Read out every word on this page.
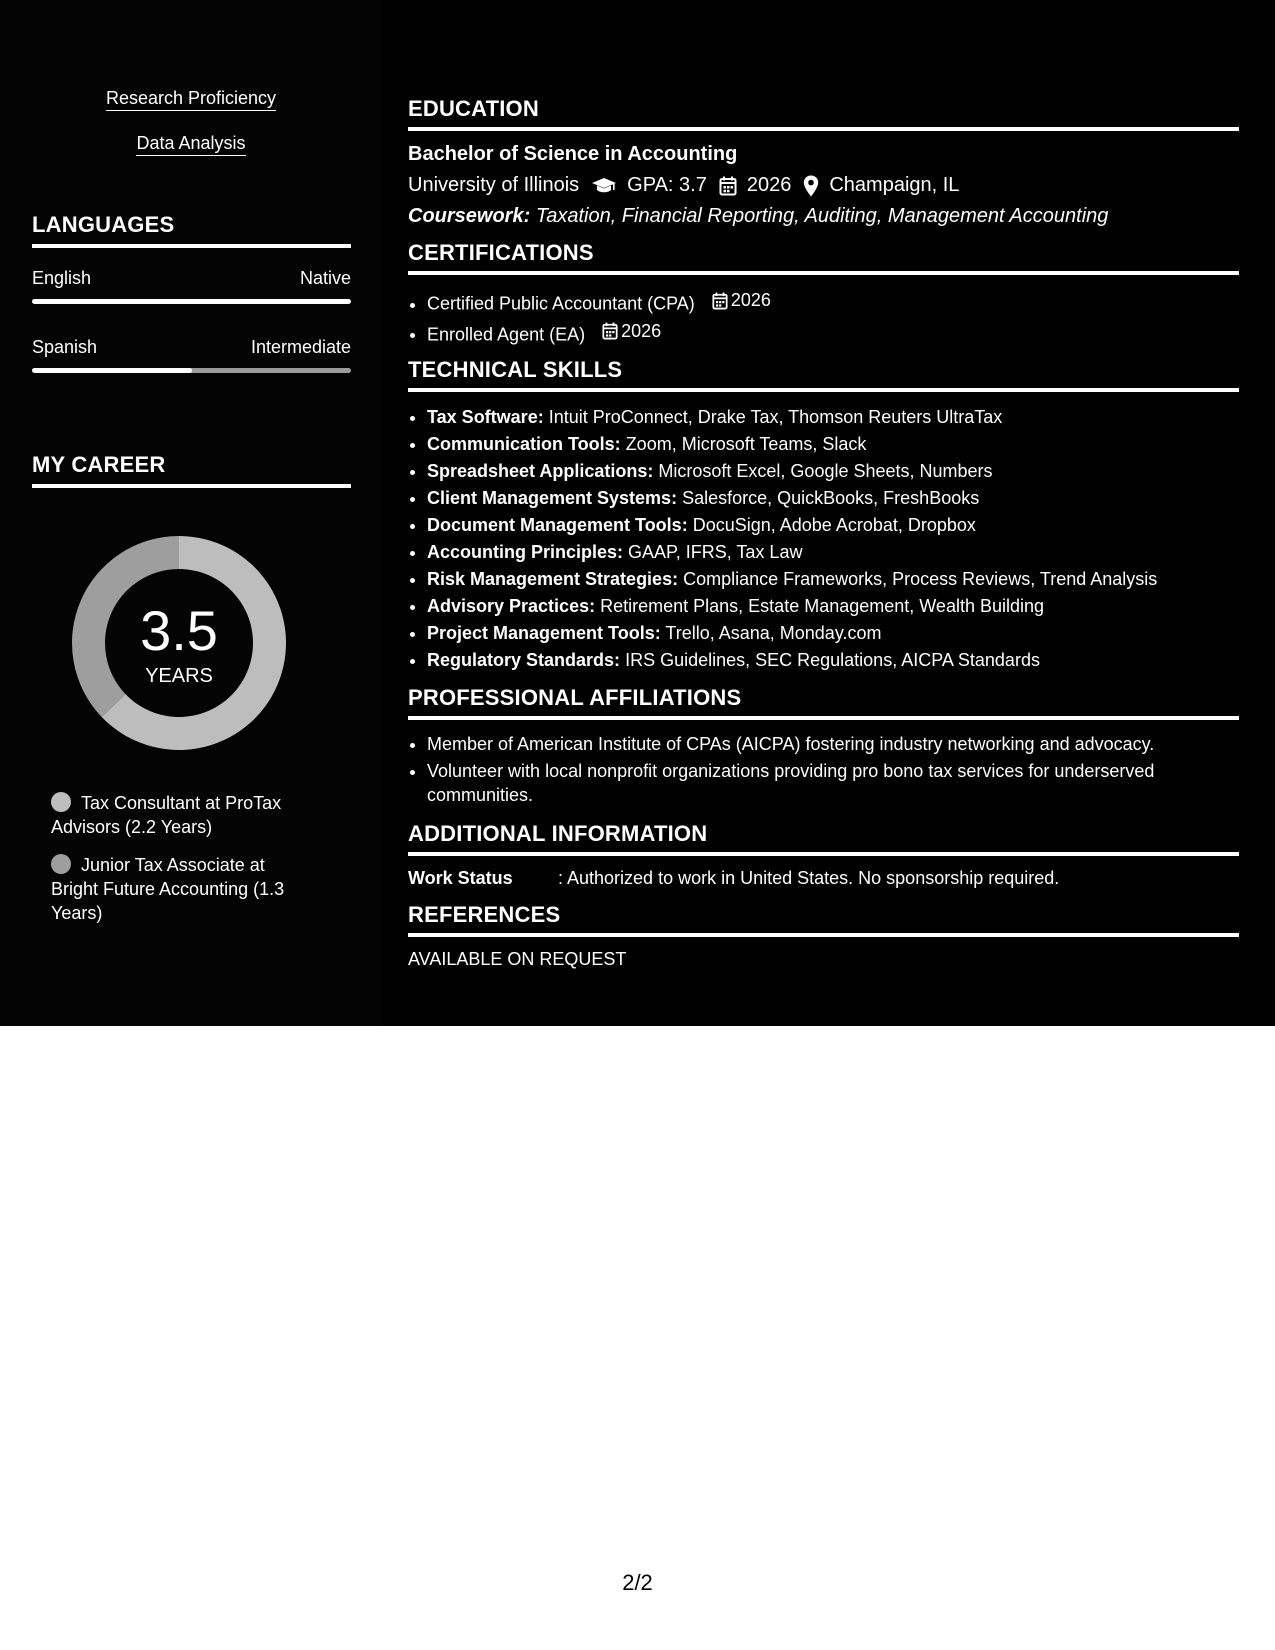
Research Proficiency
Data Analysis
LANGUAGES
English	Native
Spanish	Intermediate
MY CAREER
3.5
YEARS
Tax Consultant at ProTax Advisors (2.2 Years)
Junior Tax Associate at Bright Future Accounting (1.3 Years)
EDUCATION
Bachelor of Science in Accounting
University of Illinois GPA: 3.7 2026 Champaign, IL
Coursework: Taxation, Financial Reporting, Auditing, Management Accounting
CERTIFICATIONS
• Certified Public Accountant (CPA) 2026
• Enrolled Agent (EA) 2026
TECHNICAL SKILLS
• Tax Software: Intuit ProConnect, Drake Tax, Thomson Reuters UltraTax
• Communication Tools: Zoom, Microsoft Teams, Slack
• Spreadsheet Applications: Microsoft Excel, Google Sheets, Numbers
• Client Management Systems: Salesforce, QuickBooks, FreshBooks
• Document Management Tools: DocuSign, Adobe Acrobat, Dropbox
• Accounting Principles: GAAP, IFRS, Tax Law
• Risk Management Strategies: Compliance Frameworks, Process Reviews, Trend Analysis
• Advisory Practices: Retirement Plans, Estate Management, Wealth Building
• Project Management Tools: Trello, Asana, Monday.com
• Regulatory Standards: IRS Guidelines, SEC Regulations, AICPA Standards
PROFESSIONAL AFFILIATIONS
• Member of American Institute of CPAs (AICPA) fostering industry networking and advocacy.
• Volunteer with local nonprofit organizations providing pro bono tax services for underserved communities.
ADDITIONAL INFORMATION
Work Status	: Authorized to work in United States. No sponsorship required.
REFERENCES
AVAILABLE ON REQUEST
2/2
